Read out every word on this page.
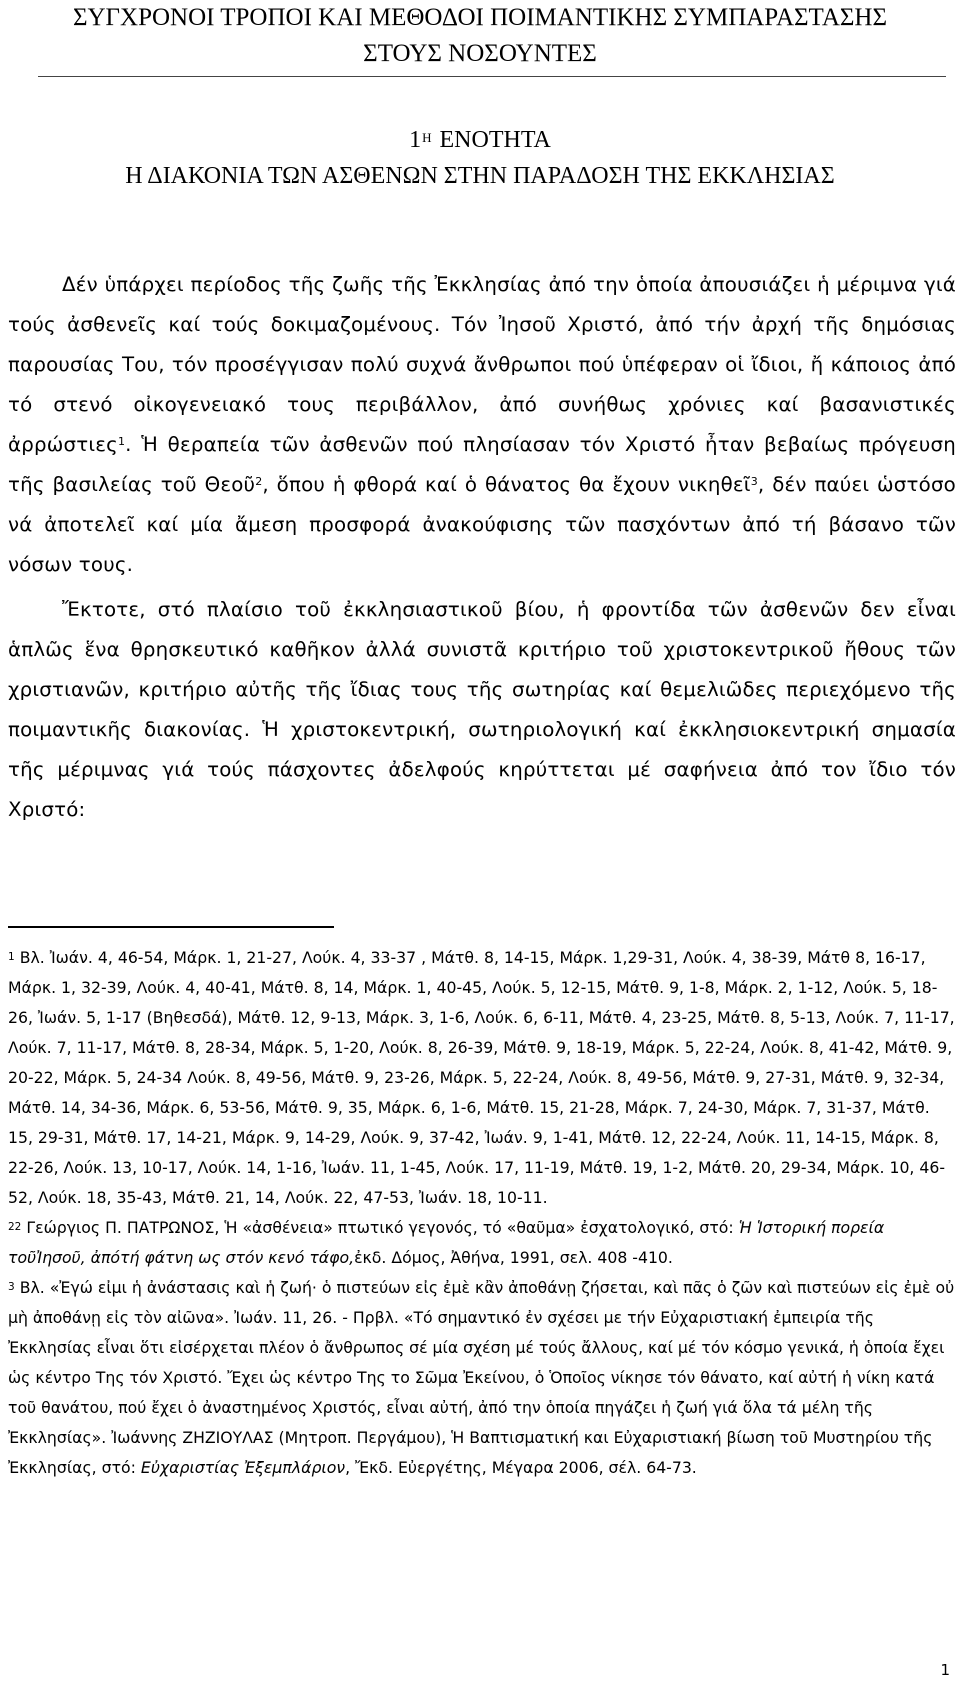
ΣΥΓΧΡΟΝΟΙ ΤΡΟΠΟΙ ΚΑΙ ΜΕΘΟΔΟΙ ΠΟΙΜΑΝΤΙΚΗΣ ΣΥΜΠΑΡΑΣΤΑΣΗΣ
ΣΤΟΥΣ ΝΟΣΟΥΝΤΕΣ
$1^H$ ΕΝΟΤΗΤΑ
Η ΔΙΑΚΟΝΙΑ ΤΩΝ ΑΣΘΕΝΩΝ ΣΤΗΝ ΠΑΡΑΔΟΣΗ ΤΗΣ ΕΚΚΛΗΣΙΑΣ

Δέν ὑπάρχει περίοδος τῆς ζωῆς τῆς Ἐκκλησίας ἀπό την ὁποία ἀπουσιάζει ἡ μέριμνα γιά τούς ἀσθενεῖς καί τούς δοκιμαζομένους. Τόν Ἰησοῦ Χριστό, ἀπό τήν ἀρχή τῆς δημόσιας παρουσίας Του, τόν προσέγγισαν πολύ συχνά ἄνθρωποι πού ὑπέφεραν οἱ ἴδιοι, ἤ κάποιος ἀπό τό στενό οἰκογενειακό τους περιβάλλον, ἀπό συνήθως χρόνιες καί βασανιστικές ἀρρώστιες$^1$. Ἡ θεραπεία τῶν ἀσθενῶν πού πλησίασαν τόν Χριστό ἦταν βεβαίως πρόγευση τῆς βασιλείας τοῦ Θεοῦ$^2$, ὅπου ἡ φθορά καί ὁ θάνατος θα ἔχουν νικηθεῖ$^3$, δέν παύει ὡστόσο νά ἀποτελεῖ καί μία ἄμεση προσφορά ἀνακούφισης τῶν πασχόντων ἀπό τή βάσανο τῶν νόσων τους.

Ἔκτοτε, στό πλαίσιο τοῦ ἐκκλησιαστικοῦ βίου, ἡ φροντίδα τῶν ἀσθενῶν δεν εἶναι ἁπλῶς ἕνα θρησκευτικό καθῆκον ἀλλά συνιστᾶ κριτήριο τοῦ χριστοκεντρικοῦ ἤθους τῶν χριστιανῶν, κριτήριο αὐτῆς τῆς ἴδιας τους τῆς σωτηρίας καί θεμελιῶδες περιεχόμενο τῆς ποιμαντικῆς διακονίας. Ἡ χριστοκεντρική, σωτηριολογική καί ἐκκλησιοκεντρική σημασία τῆς μέριμνας γιά τούς πάσχοντες ἀδελφούς κηρύττεται μέ σαφήνεια ἀπό τον ἴδιο τόν Χριστό:

$^1$ Βλ. Ἰωάν. 4, 46-54, Μάρκ. 1, 21-27, Λούκ. 4, 33-37 , Μάτθ. 8, 14-15, Μάρκ. 1,29-31, Λούκ. 4, 38-39, Μάτθ 8, 16-17, Μάρκ. 1, 32-39, Λούκ. 4, 40-41, Μάτθ. 8, 14, Μάρκ. 1, 40-45, Λούκ. 5, 12-15, Μάτθ. 9, 1-8, Μάρκ. 2, 1-12, Λούκ. 5, 18-26, Ἰωάν. 5, 1-17 (Βηθεσδά), Μάτθ. 12, 9-13, Μάρκ. 3, 1-6, Λούκ. 6, 6-11, Μάτθ. 4, 23-25, Μάτθ. 8, 5-13, Λούκ. 7, 11-17, Λούκ. 7, 11-17, Μάτθ. 8, 28-34, Μάρκ. 5, 1-20, Λούκ. 8, 26-39, Μάτθ. 9, 18-19, Μάρκ. 5, 22-24, Λούκ. 8, 41-42, Μάτθ. 9, 20-22, Μάρκ. 5, 24-34 Λούκ. 8, 49-56, Μάτθ. 9, 23-26, Μάρκ. 5, 22-24, Λούκ. 8, 49-56, Μάτθ. 9, 27-31, Μάτθ. 9, 32-34, Μάτθ. 14, 34-36, Μάρκ. 6, 53-56, Μάτθ. 9, 35, Μάρκ. 6, 1-6, Μάτθ. 15, 21-28, Μάρκ. 7, 24-30, Μάρκ. 7, 31-37, Μάτθ. 15, 29-31, Μάτθ. 17, 14-21, Μάρκ. 9, 14-29, Λούκ. 9, 37-42, Ἰωάν. 9, 1-41, Μάτθ. 12, 22-24, Λούκ. 11, 14-15, Μάρκ. 8, 22-26, Λούκ. 13, 10-17, Λούκ. 14, 1-16, Ἰωάν. 11, 1-45, Λούκ. 17, 11-19, Μάτθ. 19, 1-2, Μάτθ. 20, 29-34, Μάρκ. 10, 46-52, Λούκ. 18, 35-43, Μάτθ. 21, 14, Λούκ. 22, 47-53, Ἰωάν. 18, 10-11.

$^{22}$ Γεώργιος Π. ΠΑΤΡΩΝΟΣ, Ἡ «ἀσθένεια» πτωτικό γεγονός, τό «θαῦμα» ἐσχατολογικό, στό: Ἡ Ἱστορική πορεία τοῦἸησοῦ, ἀπότή φάτνη ως στόν κενό τάφο,ἐκδ. Δόμος, Ἀθήνα, 1991, σελ. 408 -410.

$^3$ Βλ. «Ἐγώ εἰμι ἡ ἀνάστασις καὶ ἡ ζωή· ὁ πιστεύων εἰς ἐμὲ κἂν ἀποθάνῃ ζήσεται, καὶ πᾶς ὁ ζῶν καὶ πιστεύων εἰς ἐμὲ οὐ μὴ ἀποθάνῃ εἰς τὸν αἰῶνα». Ἰωάν. 11, 26. - Πρβλ. «Τό σημαντικό ἐν σχέσει με τήν Εὐχαριστιακή ἐμπειρία τῆς Ἐκκλησίας εἶναι ὅτι εἰσέρχεται πλέον ὁ ἄνθρωπος σέ μία σχέση μέ τούς ἄλλους, καί μέ τόν κόσμο γενικά, ἡ ὁποία ἔχει ὡς κέντρο Της τόν Χριστό. Ἔχει ὡς κέντρο Της το Σῶμα Ἐκείνου, ὁ Ὁποῖος νίκησε τόν θάνατο, καί αὐτή ἡ νίκη κατά τοῦ θανάτου, πού ἔχει ὁ ἀναστημένος Χριστός, εἶναι αὐτή, ἀπό την ὁποία πηγάζει ἡ ζωή γιά ὅλα τά μέλη τῆς Ἐκκλησίας». Ἰωάννης ΖΗΖΙΟΥΛΑΣ (Μητροπ. Περγάμου), Ἡ Βαπτισματική και Εὐχαριστιακή βίωση τοῦ Μυστηρίου τῆς Ἐκκλησίας, στό: Εὐχαριστίας Ἐξεμπλάριον, Ἔκδ. Εὐεργέτης, Μέγαρα 2006, σέλ. 64-73.

1
